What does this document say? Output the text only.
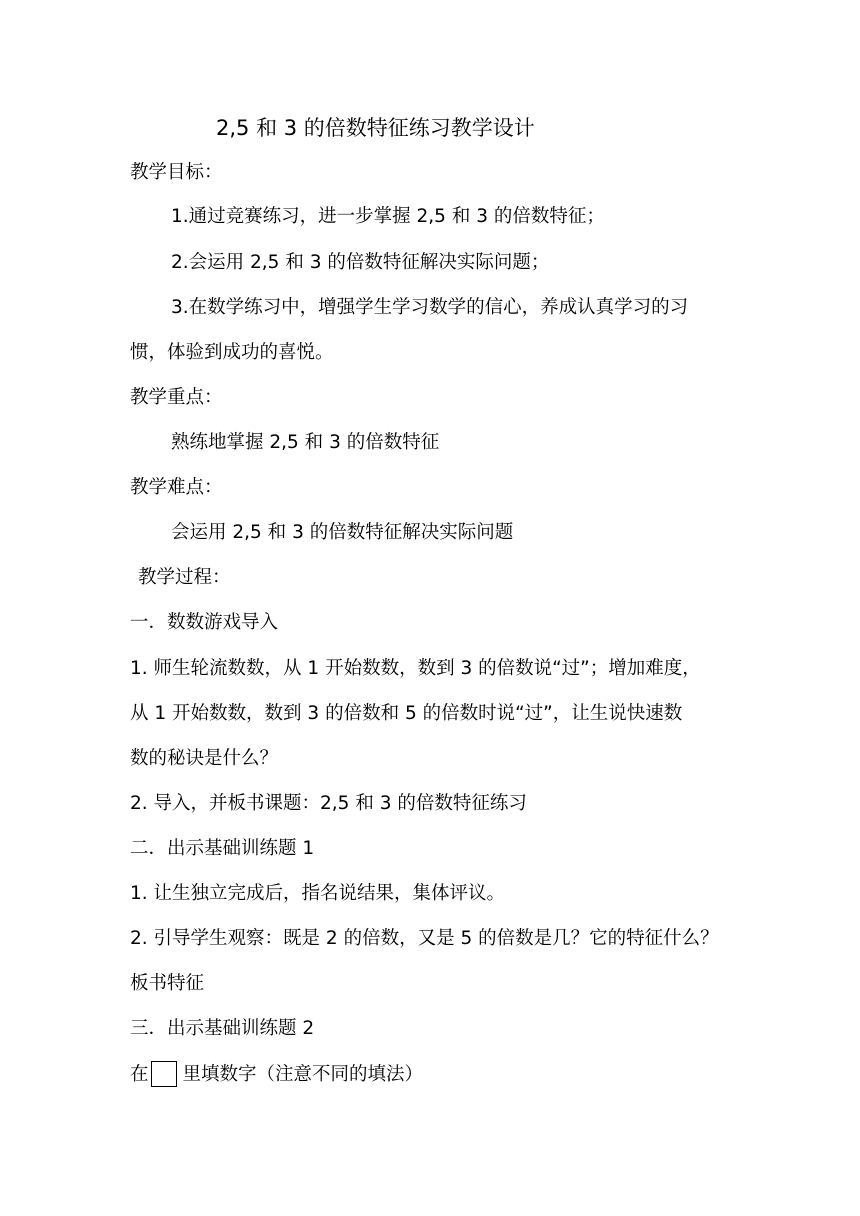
2,5 和 3 的倍数特征练习教学设计
教学目标：
1.通过竞赛练习，进一步掌握 2,5 和 3 的倍数特征；
2.会运用 2,5 和 3 的倍数特征解决实际问题；
3.在数学练习中，增强学生学习数学的信心，养成认真学习的习
惯，体验到成功的喜悦。
教学重点：
熟练地掌握 2,5 和 3 的倍数特征
教学难点：
会运用 2,5 和 3 的倍数特征解决实际问题
教学过程：
一．数数游戏导入
1. 师生轮流数数，从 1 开始数数，数到 3 的倍数说“过”；增加难度，
从 1 开始数数，数到 3 的倍数和 5 的倍数时说“过”，让生说快速数
数的秘诀是什么？
2. 导入，并板书课题：2,5 和 3 的倍数特征练习
二．出示基础训练题 1
1. 让生独立完成后，指名说结果，集体评议。
2. 引导学生观察：既是 2 的倍数，又是 5 的倍数是几？它的特征什么？
板书特征
三．出示基础训练题 2
在 里填数字（注意不同的填法）
